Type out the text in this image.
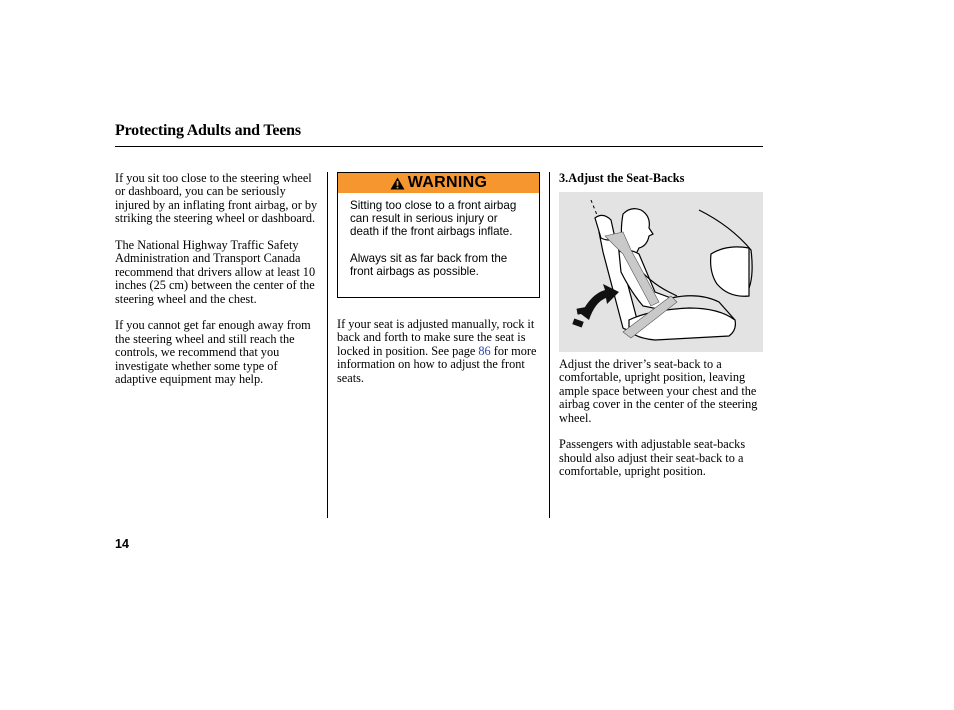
Protecting Adults and Teens

If you sit too close to the steering wheel or dashboard, you can be seriously injured by an inflating front airbag, or by striking the steering wheel or dashboard.

The National Highway Traffic Safety Administration and Transport Canada recommend that drivers allow at least 10 inches (25 cm) between the center of the steering wheel and the chest.

If you cannot get far enough away from the steering wheel and still reach the controls, we recommend that you investigate whether some type of adaptive equipment may help.

WARNING

Sitting too close to a front airbag can result in serious injury or death if the front airbags inflate.

Always sit as far back from the front airbags as possible.

If your seat is adjusted manually, rock it back and forth to make sure the seat is locked in position. See page 86 for more information on how to adjust the front seats.

3.Adjust the Seat-Backs

Adjust the driver’s seat-back to a comfortable, upright position, leaving ample space between your chest and the airbag cover in the center of the steering wheel.

Passengers with adjustable seat-backs should also adjust their seat-back to a comfortable, upright position.

14
